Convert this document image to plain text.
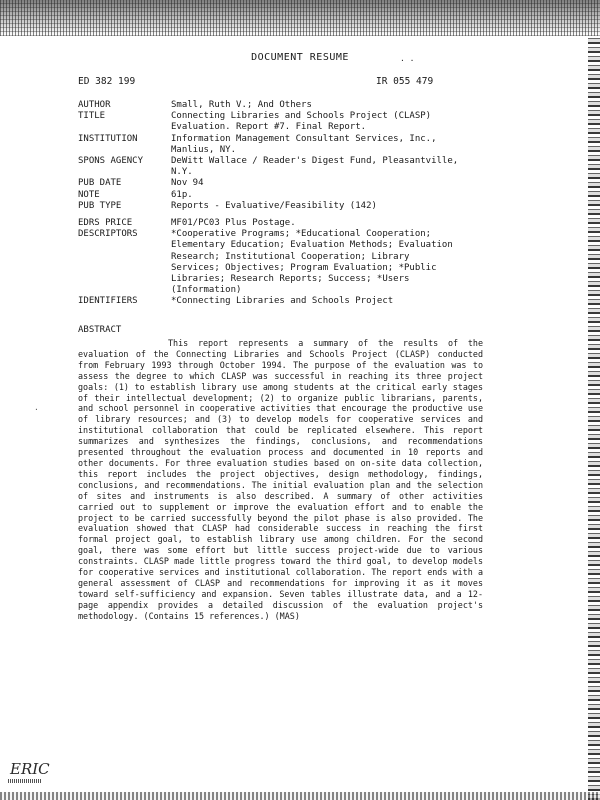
DOCUMENT RESUME	· ·
ED 382 199	IR 055 479
AUTHOR	Small, Ruth V.; And Others
TITLE	Connecting Libraries and Schools Project (CLASP)
Evaluation. Report #7. Final Report.
INSTITUTION	Information Management Consultant Services, Inc.,
Manlius, NY.
SPONS AGENCY	DeWitt Wallace / Reader's Digest Fund, Pleasantville,
N.Y.
PUB DATE	Nov 94
NOTE	61p.
PUB TYPE	Reports - Evaluative/Feasibility (142)
EDRS PRICE	MF01/PC03 Plus Postage.
DESCRIPTORS	*Cooperative Programs; *Educational Cooperation;
Elementary Education; Evaluation Methods; Evaluation
Research; Institutional Cooperation; Library
Services; Objectives; Program Evaluation; *Public
Libraries; Research Reports; Success; *Users
(Information)
IDENTIFIERS	*Connecting Libraries and Schools Project
ABSTRACT
This report represents a summary of the results of the evaluation of the Connecting Libraries and Schools Project (CLASP) conducted from February 1993 through October 1994. The purpose of the evaluation was to assess the degree to which CLASP was successful in reaching its three project goals: (1) to establish library use among students at the critical early stages of their intellectual development; (2) to organize public librarians, parents, and school personnel in cooperative activities that encourage the productive use of library resources; and (3) to develop models for cooperative services and institutional collaboration that could be replicated elsewhere. This report summarizes and synthesizes the findings, conclusions, and recommendations presented throughout the evaluation process and documented in 10 reports and other documents. For three evaluation studies based on on-site data collection, this report includes the project objectives, design methodology, findings, conclusions, and recommendations. The initial evaluation plan and the selection of sites and instruments is also described. A summary of other activities carried out to supplement or improve the evaluation effort and to enable the project to be carried successfully beyond the pilot phase is also provided. The evaluation showed that CLASP had considerable success in reaching the first formal project goal, to establish library use among children. For the second goal, there was some effort but little success project-wide due to various constraints. CLASP made little progress toward the third goal, to develop models for cooperative services and institutional collaboration. The report ends with a general assessment of CLASP and recommendations for improving it as it moves toward self-sufficiency and expansion. Seven tables illustrate data, and a 12-page appendix provides a detailed discussion of the evaluation project's methodology. (Contains 15 references.) (MAS)
·
ERIC
